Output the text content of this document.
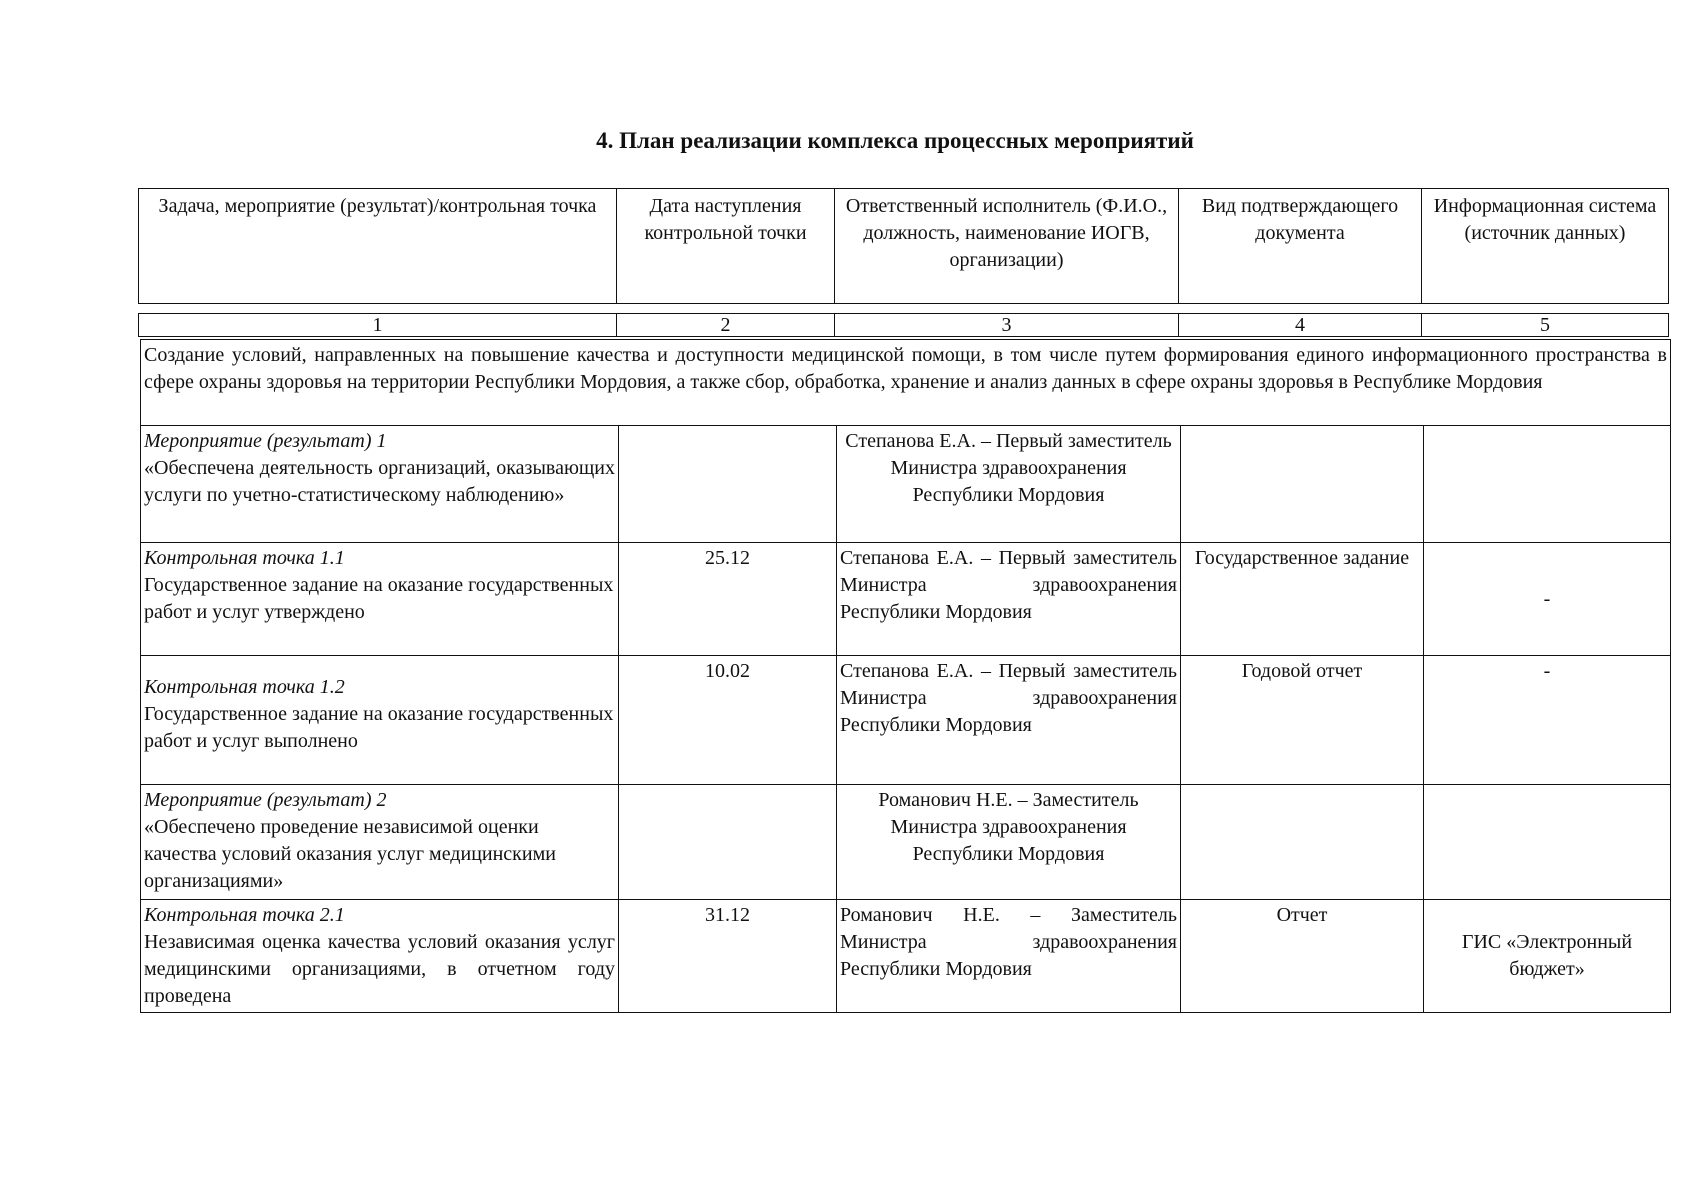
4. План реализации комплекса процессных мероприятий
Задача, мероприятие (результат)/контрольная точка	Дата наступления контрольной точки	Ответственный исполнитель (Ф.И.О., должность, наименование ИОГВ, организации)	Вид подтверждающего документа	Информационная система (источник данных)
1	2	3	4	5
Создание условий, направленных на повышение качества и доступности медицинской помощи, в том числе путем формирования единого информационного пространства в сфере охраны здоровья на территории Республики Мордовия, а также сбор, обработка, хранение и анализ данных в сфере охраны здоровья в Республике Мордовия				

Мероприятие (результат) 1
«Обеспечена деятельность организаций, оказывающих услуги по учетно-статистическому наблюдению»		Степанова Е.А. – Первый заместитель Министра здравоохранения Республики Мордовия		

Контрольная точка 1.1
Государственное задание на оказание государственных работ и услуг утверждено	25.12	Степанова Е.А. – Первый заместитель Министра здравоохранения Республики Мордовия	Государственное задание	-

Контрольная точка 1.2
Государственное задание на оказание государственных работ и услуг выполнено	10.02	Степанова Е.А. – Первый заместитель Министра здравоохранения Республики Мордовия	Годовой отчет	-

Мероприятие (результат) 2
«Обеспечено проведение независимой оценки качества условий оказания услуг медицинскими организациями»		Романович Н.Е. – Заместитель Министра здравоохранения Республики Мордовия		

Контрольная точка 2.1
Независимая оценка качества условий оказания услуг медицинскими организациями, в отчетном году проведена	31.12	Романович Н.Е. – Заместитель Министра здравоохранения Республики Мордовия	Отчет	ГИС «Электронный бюджет»
